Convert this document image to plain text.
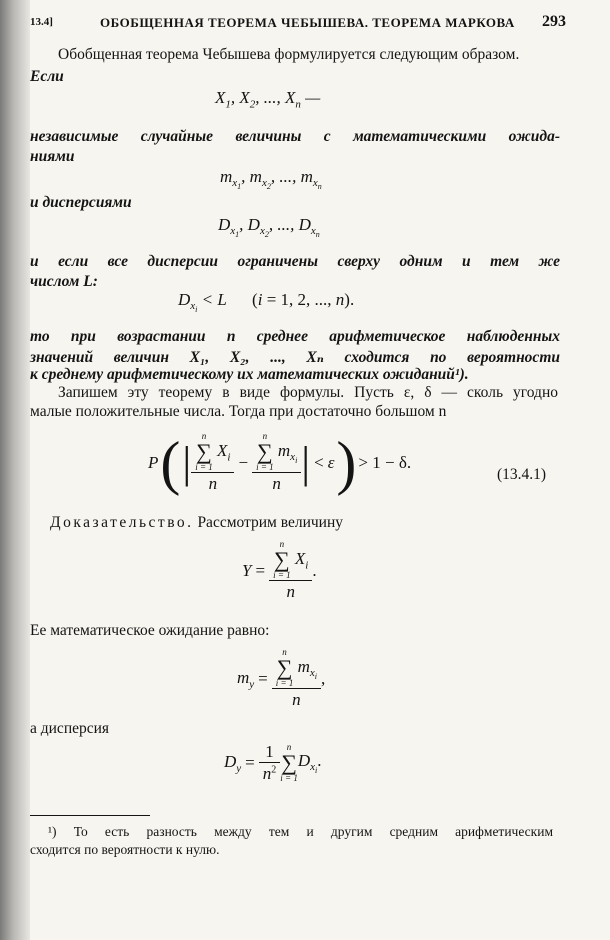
13.4]	ОБОБЩЕННАЯ ТЕОРЕМА ЧЕБЫШЕВА. ТЕОРЕМА МАРКОВА 293
Обобщенная теорема Чебышева формулируется следующим образом.
Если
$X_1$, $X_2$, ..., $X_n$ —
независимые случайные величины с математическими ожида-
ниями
$m_{x_1}$, $m_{x_2}$, ..., $m_{x_n}$
и дисперсиями
$D_{x_1}$, $D_{x_2}$, ..., $D_{x_n}$
и если все дисперсии ограничены сверху одним и тем же
числом L:
$D_{x_i} < L$      (i = 1, 2, ..., n).
то при возрастании n среднее арифметическое наблюденных
значений величин X₁, X₂, ..., Xₙ сходится по вероятности
к среднему арифметическому их математических ожиданий¹).
Запишем эту теорему в виде формулы. Пусть ε, δ — сколь угодно
малые положительные числа. Тогда при достаточно большом n
P ( | n
∑
i = 1
$X_i$
n − n
∑
i = 1
$m_{x_i}$
n | < ε ) > 1 − δ.
(13.4.1)
Доказательство. Рассмотрим величину
Y = n
∑
i = 1
$X_i$
n .
Ее математическое ожидание равно:
$m_y = n$
∑
i = 1
$m_{x_i}$
n ,
а дисперсия
$D_y = \frac{1}{n^2}$ n
∑
i = 1
$D_{x_i}$.
¹) То есть разность между тем и другим средним арифметическим
сходится по вероятности к нулю.
